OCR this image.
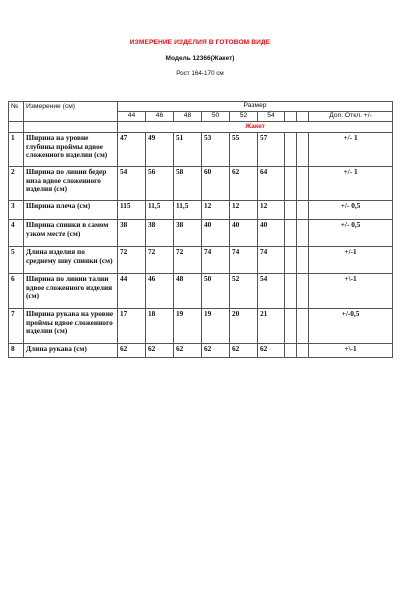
ИЗМЕРЕНИЕ ИЗДЕЛИЯ В ГОТОВОМ ВИДЕ
Модель 12366(Жакет)
Рост 164-170 см
№	Измерение (см)	Размер								
		44	46	48	50	52	54			Доп. Откл. +/-
		Жакет								
1	Ширина на уровне глубины проймы вдвое сложенного изделии (см)	47	49	51	53	55	57			+/- 1
2	Ширина по линии бедер низа вдвое сложенного изделия (см)	54	56	58	60	62	64			+/- 1
3	Ширина плеча (см)	115	11,5	11,5	12	12	12			+/- 0,5
4	Ширина спинки в самом узком месте (см)	38	38	38	40	40	40			+/- 0,5
5	Длина изделия по среднему шву спинки (см)	72	72	72	74	74	74			+/-1
6	Ширина по линии талии вдвое сложенного изделия (см)	44	46	48	50	52	54			+\-1
7	Ширина рукава на уровне проймы вдвое сложенного изделии (см)	17	18	19	19	20	21			+/-0,5
8	Длина рукава (см)	62	62	62	62	62	62			+\-1
